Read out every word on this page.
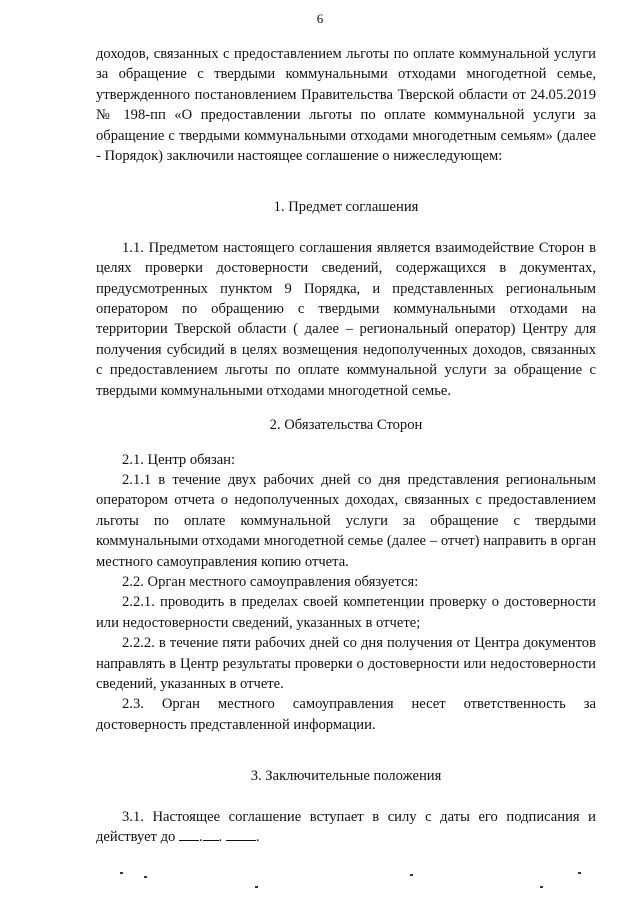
6

доходов, связанных с предоставлением льготы по оплате коммунальной услуги за обращение с твердыми коммунальными отходами многодетной семье, утвержденного постановлением Правительства Тверской области от 24.05.2019 № 198-пп «О предоставлении льготы по оплате коммунальной услуги за обращение с твердыми коммунальными отходами многодетным семьям» (далее - Порядок) заключили настоящее соглашение о нижеследующем:

1. Предмет соглашения

1.1. Предметом настоящего соглашения является взаимодействие Сторон в целях проверки достоверности сведений, содержащихся в документах, предусмотренных пунктом 9 Порядка, и представленных региональным оператором по обращению с твердыми коммунальными отходами на территории Тверской области ( далее – региональный оператор) Центру для получения субсидий в целях возмещения недополученных доходов, связанных с предоставлением льготы по оплате коммунальной услуги за обращение с твердыми коммунальными отходами многодетной семье.

2. Обязательства Сторон

2.1. Центр обязан:

2.1.1 в течение двух рабочих дней со дня представления региональным оператором отчета о недополученных доходах, связанных с предоставлением льготы по оплате коммунальной услуги за обращение с твердыми коммунальными отходами многодетной семье (далее – отчет) направить в орган местного самоуправления копию отчета.

2.2. Орган местного самоуправления обязуется:

2.2.1. проводить в пределах своей компетенции проверку о достоверности или недостоверности сведений, указанных в отчете;

2.2.2. в течение пяти рабочих дней со дня получения от Центра документов направлять в Центр результаты проверки о достоверности или недостоверности сведений, указанных в отчете.

2.3. Орган местного самоуправления несет ответственность за достоверность представленной информации.

3. Заключительные положения

3.1. Настоящее соглашение вступает в силу с даты его подписания и действует до . . .
